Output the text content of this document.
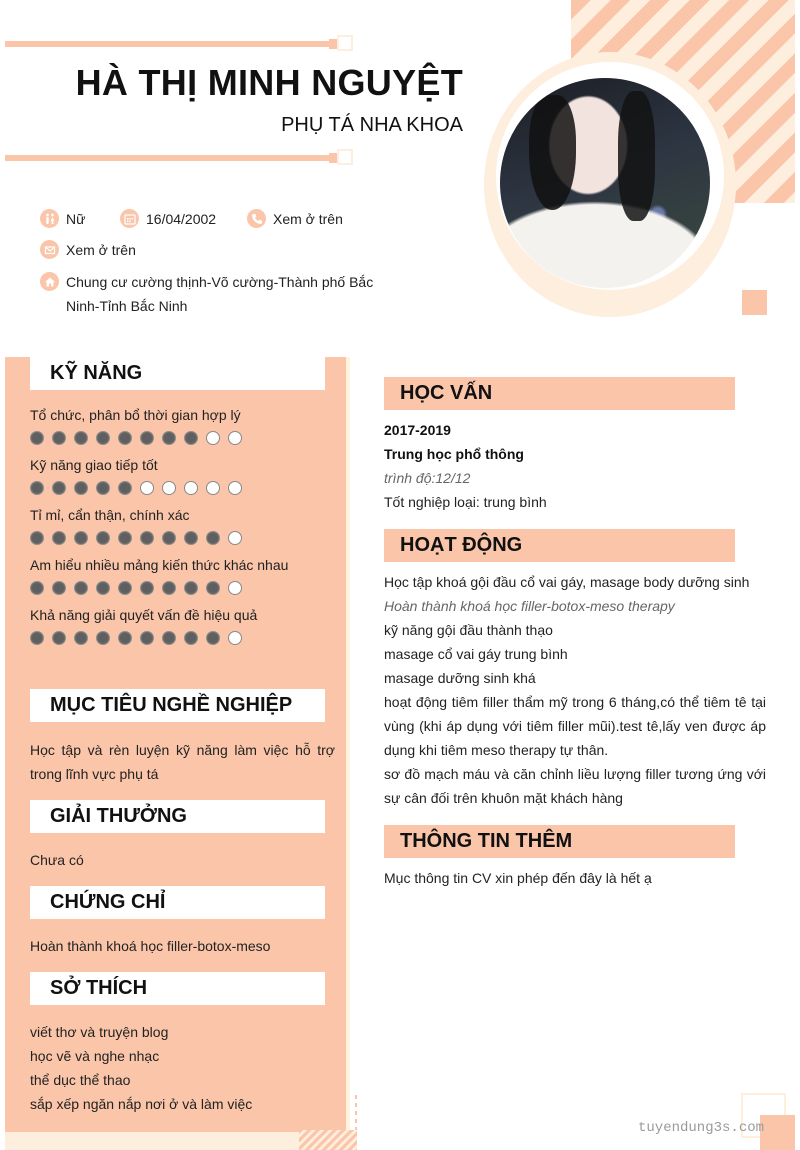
HÀ THỊ MINH NGUYỆT
PHỤ TÁ NHA KHOA
Nữ	16/04/2002	Xem ở trên
Xem ở trên
Chung cư cường thịnh-Võ cường-Thành phố Bắc Ninh-Tỉnh Bắc Ninh
KỸ NĂNG
Tổ chức, phân bổ thời gian hợp lý
Kỹ năng giao tiếp tốt
Tỉ mỉ, cẩn thận, chính xác
Am hiểu nhiều mảng kiến thức khác nhau
Khả năng giải quyết vấn đề hiệu quả
MỤC TIÊU NGHỀ NGHIỆP
Học tập và rèn luyện kỹ năng làm việc hỗ trợ trong lĩnh vực phụ tá
GIẢI THƯỞNG
Chưa có
CHỨNG CHỈ
Hoàn thành khoá học filler-botox-meso
SỞ THÍCH
viết thơ và truyện blog
học vẽ và nghe nhạc
thể dục thể thao
sắp xếp ngăn nắp nơi ở và làm việc
HỌC VẤN
2017-2019
Trung học phổ thông
trình độ:12/12
Tốt nghiệp loại: trung bình
HOẠT ĐỘNG
Học tập khoá gội đầu cổ vai gáy, masage body dưỡng sinh
Hoàn thành khoá học filler-botox-meso therapy
kỹ năng gội đầu thành thạo
masage cổ vai gáy trung bình
masage dưỡng sinh khá
hoạt động tiêm filler thẩm mỹ trong 6 tháng,có thể tiêm tê tại vùng (khi áp dụng với tiêm filler mũi).test tê,lấy ven được áp dụng khi tiêm meso therapy tự thân.
sơ đồ mạch máu và căn chỉnh liều lượng filler tương ứng với sự cân đối trên khuôn mặt khách hàng
THÔNG TIN THÊM
Mục thông tin CV xin phép đến đây là hết ạ
tuyendung3s.com
